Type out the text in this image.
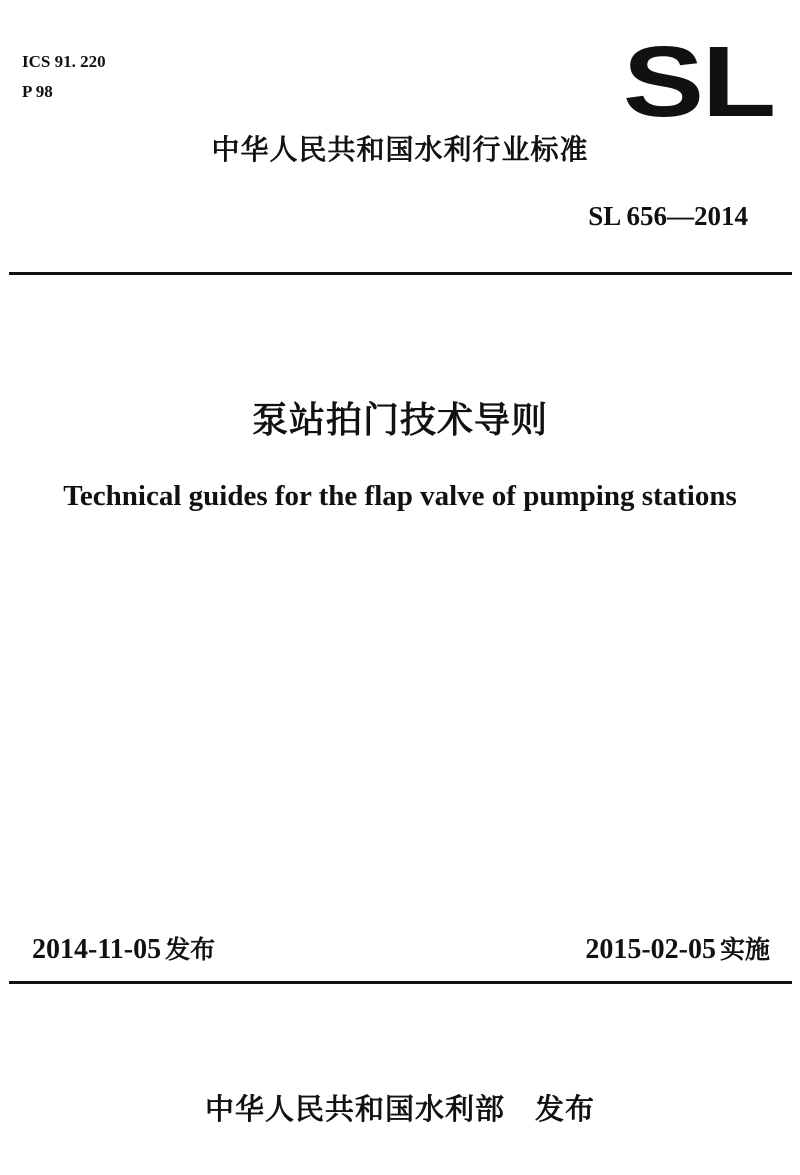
ICS 91. 220
P 98	SL
中华人民共和国水利行业标准
SL 656—2014
泵站拍门技术导则
Technical guides for the flap valve of pumping stations
2014-11-05 发布	2015-02-05 实施
中华人民共和国水利部 发布
